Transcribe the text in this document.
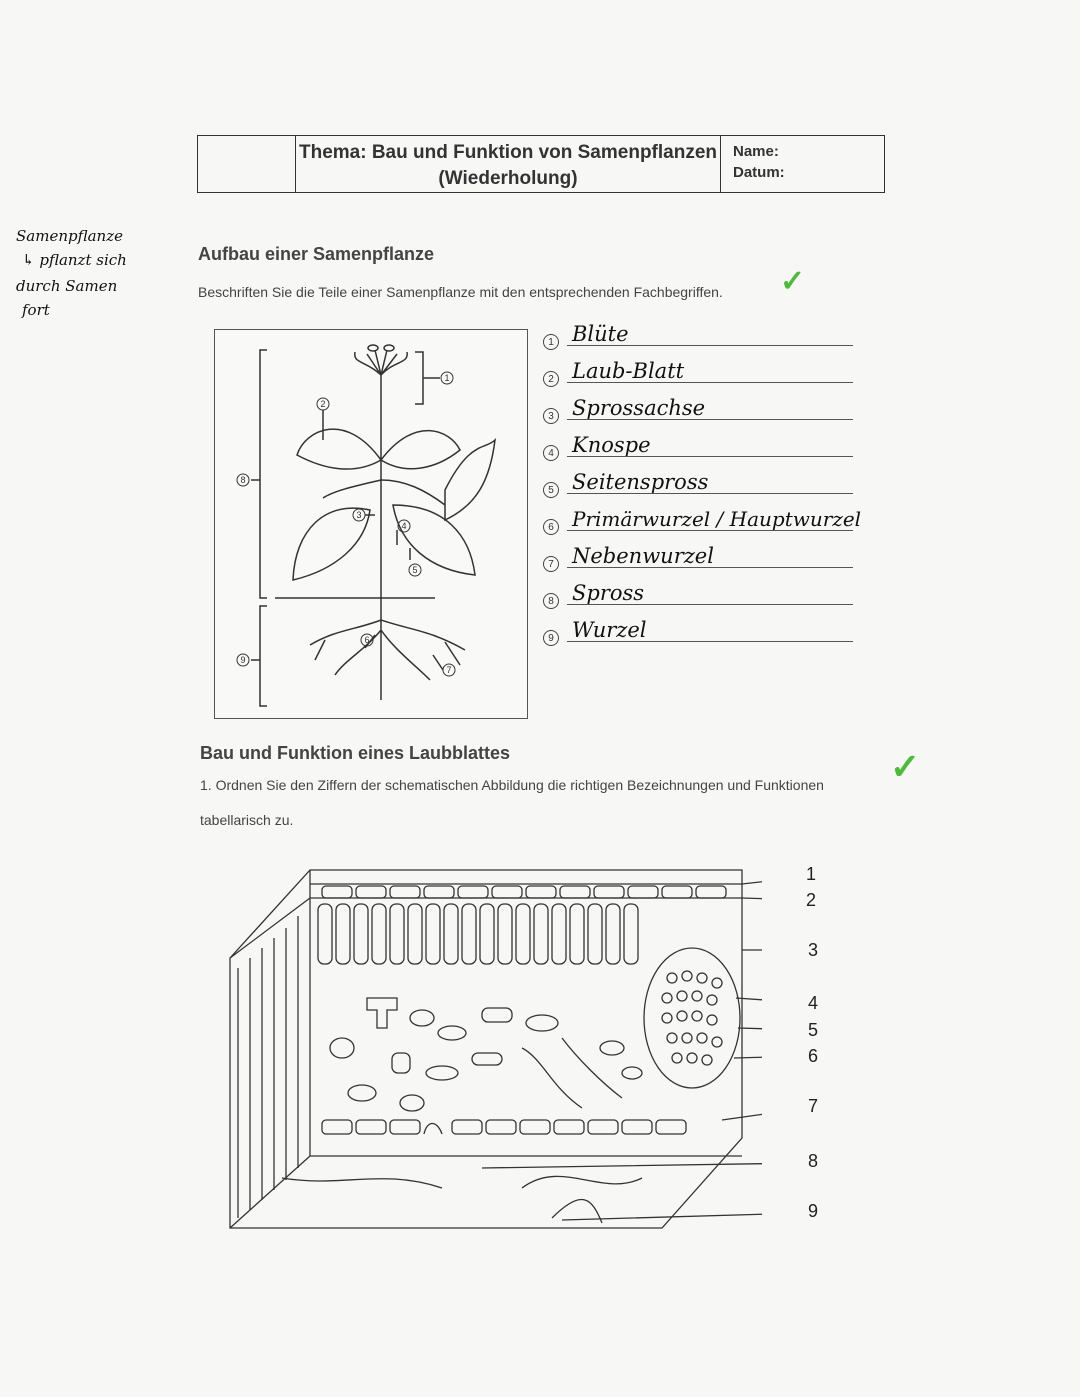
Thema: Bau und Funktion von Samenpflanzen
(Wiederholung)
Name:
Datum:
Samenpflanze
↳ pflanzt sich
durch Samen
fort
Aufbau einer Samenpflanze
Beschriften Sie die Teile einer Samenpflanze mit den entsprechenden Fachbegriffen. ✓
1
2
3
4
5
6
7
8
9
1 Blüte
2 Laub-Blatt
3 Sprossachse
4 Knospe
5 Seitenspross
6 Primärwurzel / Hauptwurzel
7 Nebenwurzel
8 Spross
9 Wurzel
Bau und Funktion eines Laubblattes
1. Ordnen Sie den Ziffern der schematischen Abbildung die richtigen Bezeichnungen und Funktionen
tabellarisch zu.
✓
1
2
3
4
5
6
7
8
9
